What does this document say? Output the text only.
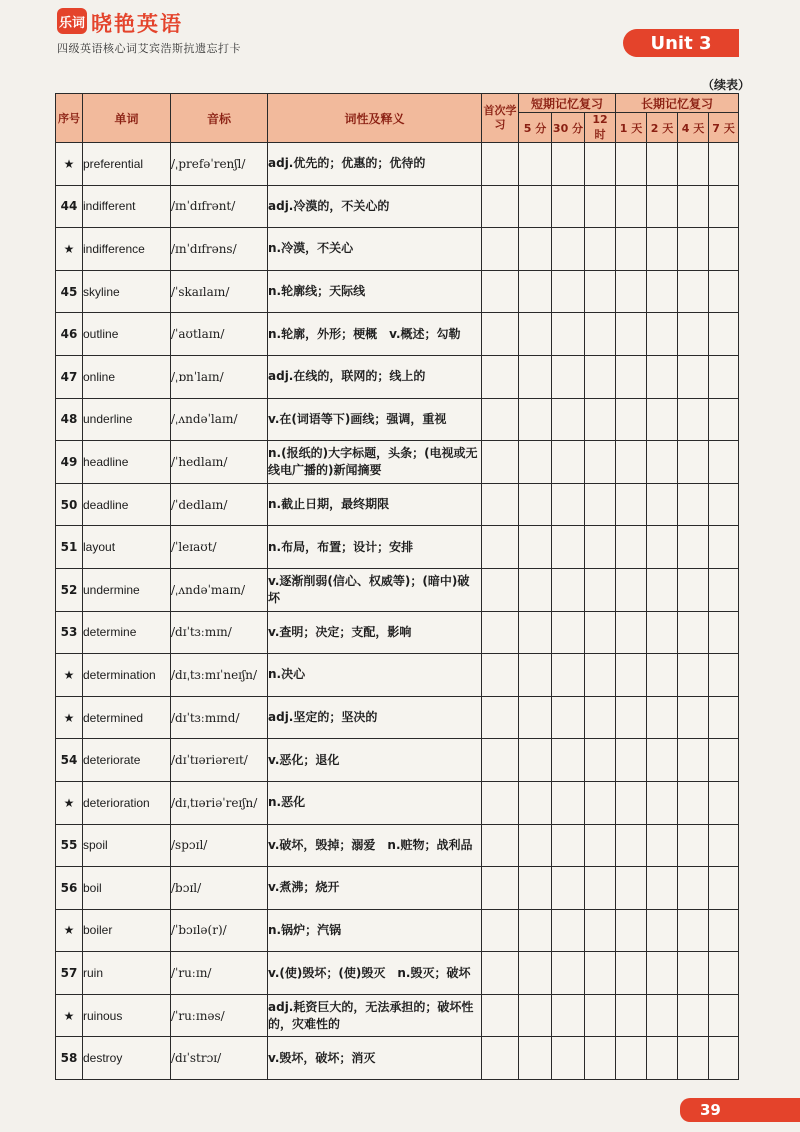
乐词 晓艳英语
四级英语核心词艾宾浩斯抗遗忘打卡	Unit 3
（续表）
序号	单词	音标	词性及释义	首次学习	短期记忆复习			长期记忆复习			
					5 分	30 分	12 时	1 天	2 天	4 天	7 天
★	preferential	/ˌprefəˈrenʃl/	adj.优先的；优惠的；优待的								
44	indifferent	/ɪnˈdɪfrənt/	adj.冷漠的，不关心的								
★	indifference	/ɪnˈdɪfrəns/	n.冷漠，不关心								
45	skyline	/ˈskaɪlaɪn/	n.轮廓线；天际线								
46	outline	/ˈaʊtlaɪn/	n.轮廓，外形；梗概　v.概述；勾勒								
47	online	/ˌɒnˈlaɪn/	adj.在线的，联网的；线上的								
48	underline	/ˌʌndəˈlaɪn/	v.在(词语等下)画线；强调，重视								
49	headline	/ˈhedlaɪn/	n.(报纸的)大字标题，头条；(电视或无线电广播的)新闻摘要								
50	deadline	/ˈdedlaɪn/	n.截止日期，最终期限								
51	layout	/ˈleɪaʊt/	n.布局，布置；设计；安排								
52	undermine	/ˌʌndəˈmaɪn/	v.逐渐削弱(信心、权威等)；(暗中)破坏								
53	determine	/dɪˈtɜːmɪn/	v.查明；决定；支配，影响								
★	determination	/dɪˌtɜːmɪˈneɪʃn/	n.决心								
★	determined	/dɪˈtɜːmɪnd/	adj.坚定的；坚决的								
54	deteriorate	/dɪˈtɪəriəreɪt/	v.恶化；退化								
★	deterioration	/dɪˌtɪəriəˈreɪʃn/	n.恶化								
55	spoil	/spɔɪl/	v.破坏，毁掉；溺爱　n.赃物；战利品								
56	boil	/bɔɪl/	v.煮沸；烧开								
★	boiler	/ˈbɔɪlə(r)/	n.锅炉；汽锅								
57	ruin	/ˈruːɪn/	v.(使)毁坏；(使)毁灭　n.毁灭；破坏								
★	ruinous	/ˈruːɪnəs/	adj.耗资巨大的，无法承担的；破坏性的，灾难性的								
58	destroy	/dɪˈstrɔɪ/	v.毁坏，破坏；消灭								
39
